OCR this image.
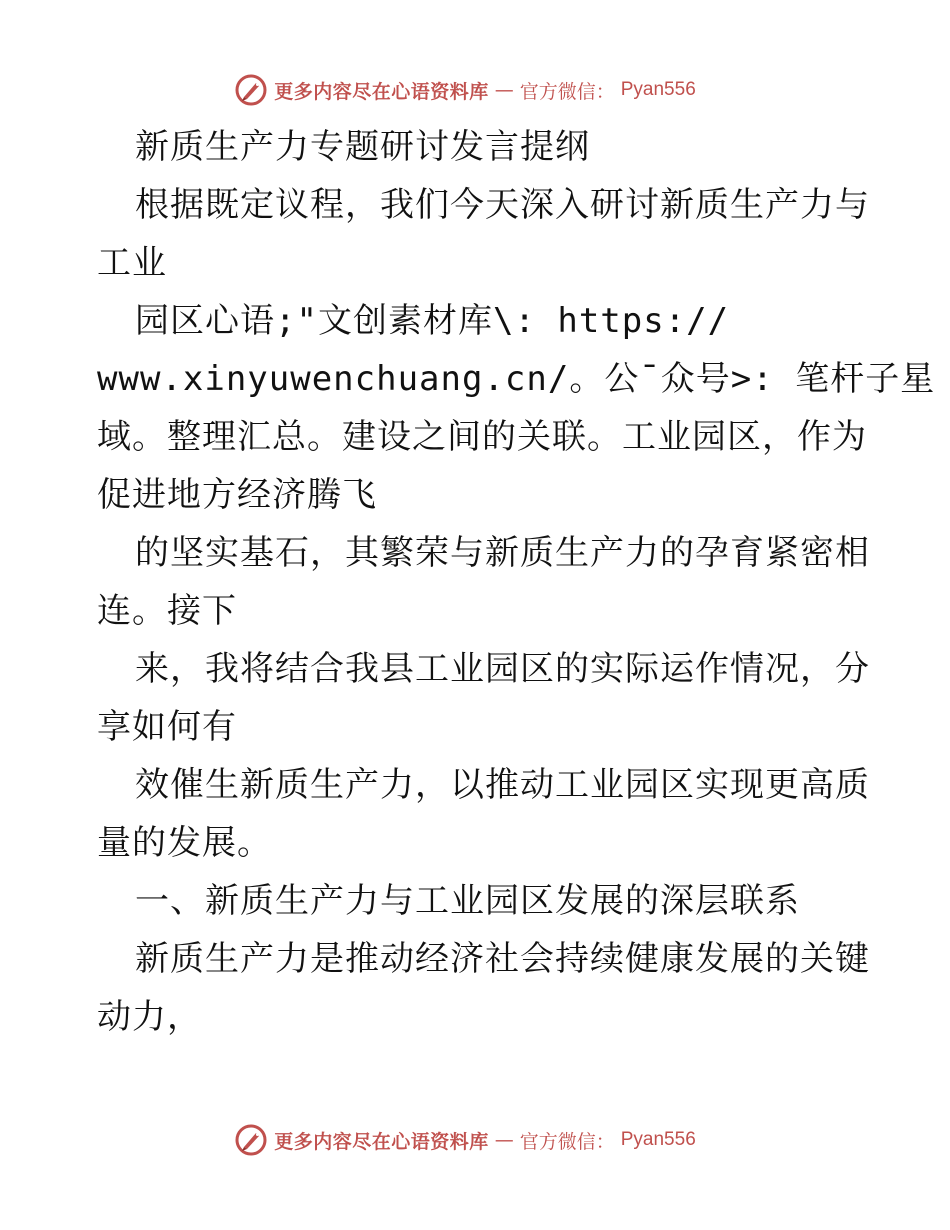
更多内容尽在心语资料库 — 官方微信： Pyan556
新质生产力专题研讨发言提纲
根据既定议程，我们今天深入研讨新质生产力与
工业
园区心语;"文创素材库\: https://
www.xinyuwenchuang.cn/。公¯众号>: 笔杆子星
域。整理汇总。建设之间的关联。工业园区，作为
促进地方经济腾飞
的坚实基石，其繁荣与新质生产力的孕育紧密相
连。接下
来，我将结合我县工业园区的实际运作情况，分
享如何有
效催生新质生产力，以推动工业园区实现更高质
量的发展。
一、新质生产力与工业园区发展的深层联系
新质生产力是推动经济社会持续健康发展的关键
动力，
更多内容尽在心语资料库 — 官方微信： Pyan556
